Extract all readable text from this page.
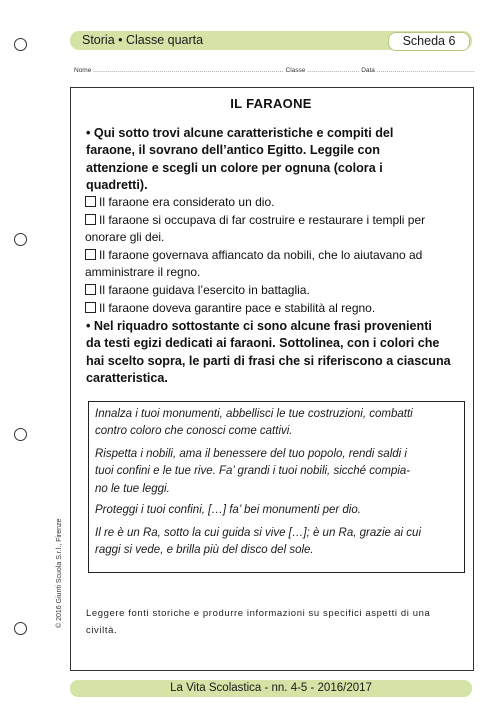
Storia • Classe quarta	Scheda 6
Nome ............................................................................................... Classe .......................... Data .................................................
IL FARAONE
• Qui sotto trovi alcune caratteristiche e compiti del
faraone, il sovrano dell’antico Egitto. Leggile con
attenzione e scegli un colore per ognuna (colora i
quadretti).
Il faraone era considerato un dio.
Il faraone si occupava di far costruire e restaurare i templi per
onorare gli dei.
Il faraone governava affiancato da nobili, che lo aiutavano ad
amministrare il regno.
Il faraone guidava l’esercito in battaglia.
Il faraone doveva garantire pace e stabilità al regno.
• Nel riquadro sottostante ci sono alcune frasi provenienti
da testi egizi dedicati ai faraoni. Sottolinea, con i colori che
hai scelto sopra, le parti di frasi che si riferiscono a ciascuna
caratteristica.
Innalza i tuoi monumenti, abbellisci le tue costruzioni, combatti
contro coloro che conosci come cattivi.
Rispetta i nobili, ama il benessere del tuo popolo, rendi saldi i
tuoi confini e le tue rive. Fa’ grandi i tuoi nobili, sicché compia-
no le tue leggi.
Proteggi i tuoi confini, […] fa’ bei monumenti per dio.
Il re è un Ra, sotto la cui guida si vive […]; è un Ra, grazie ai cui
raggi si vede, e brilla più del disco del sole.
Leggere fonti storiche e produrre informazioni su specifici aspetti di una
civiltà.
© 2016 Giunti Scuola S.r.l., Firenze
La Vita Scolastica - nn. 4-5 - 2016/2017
